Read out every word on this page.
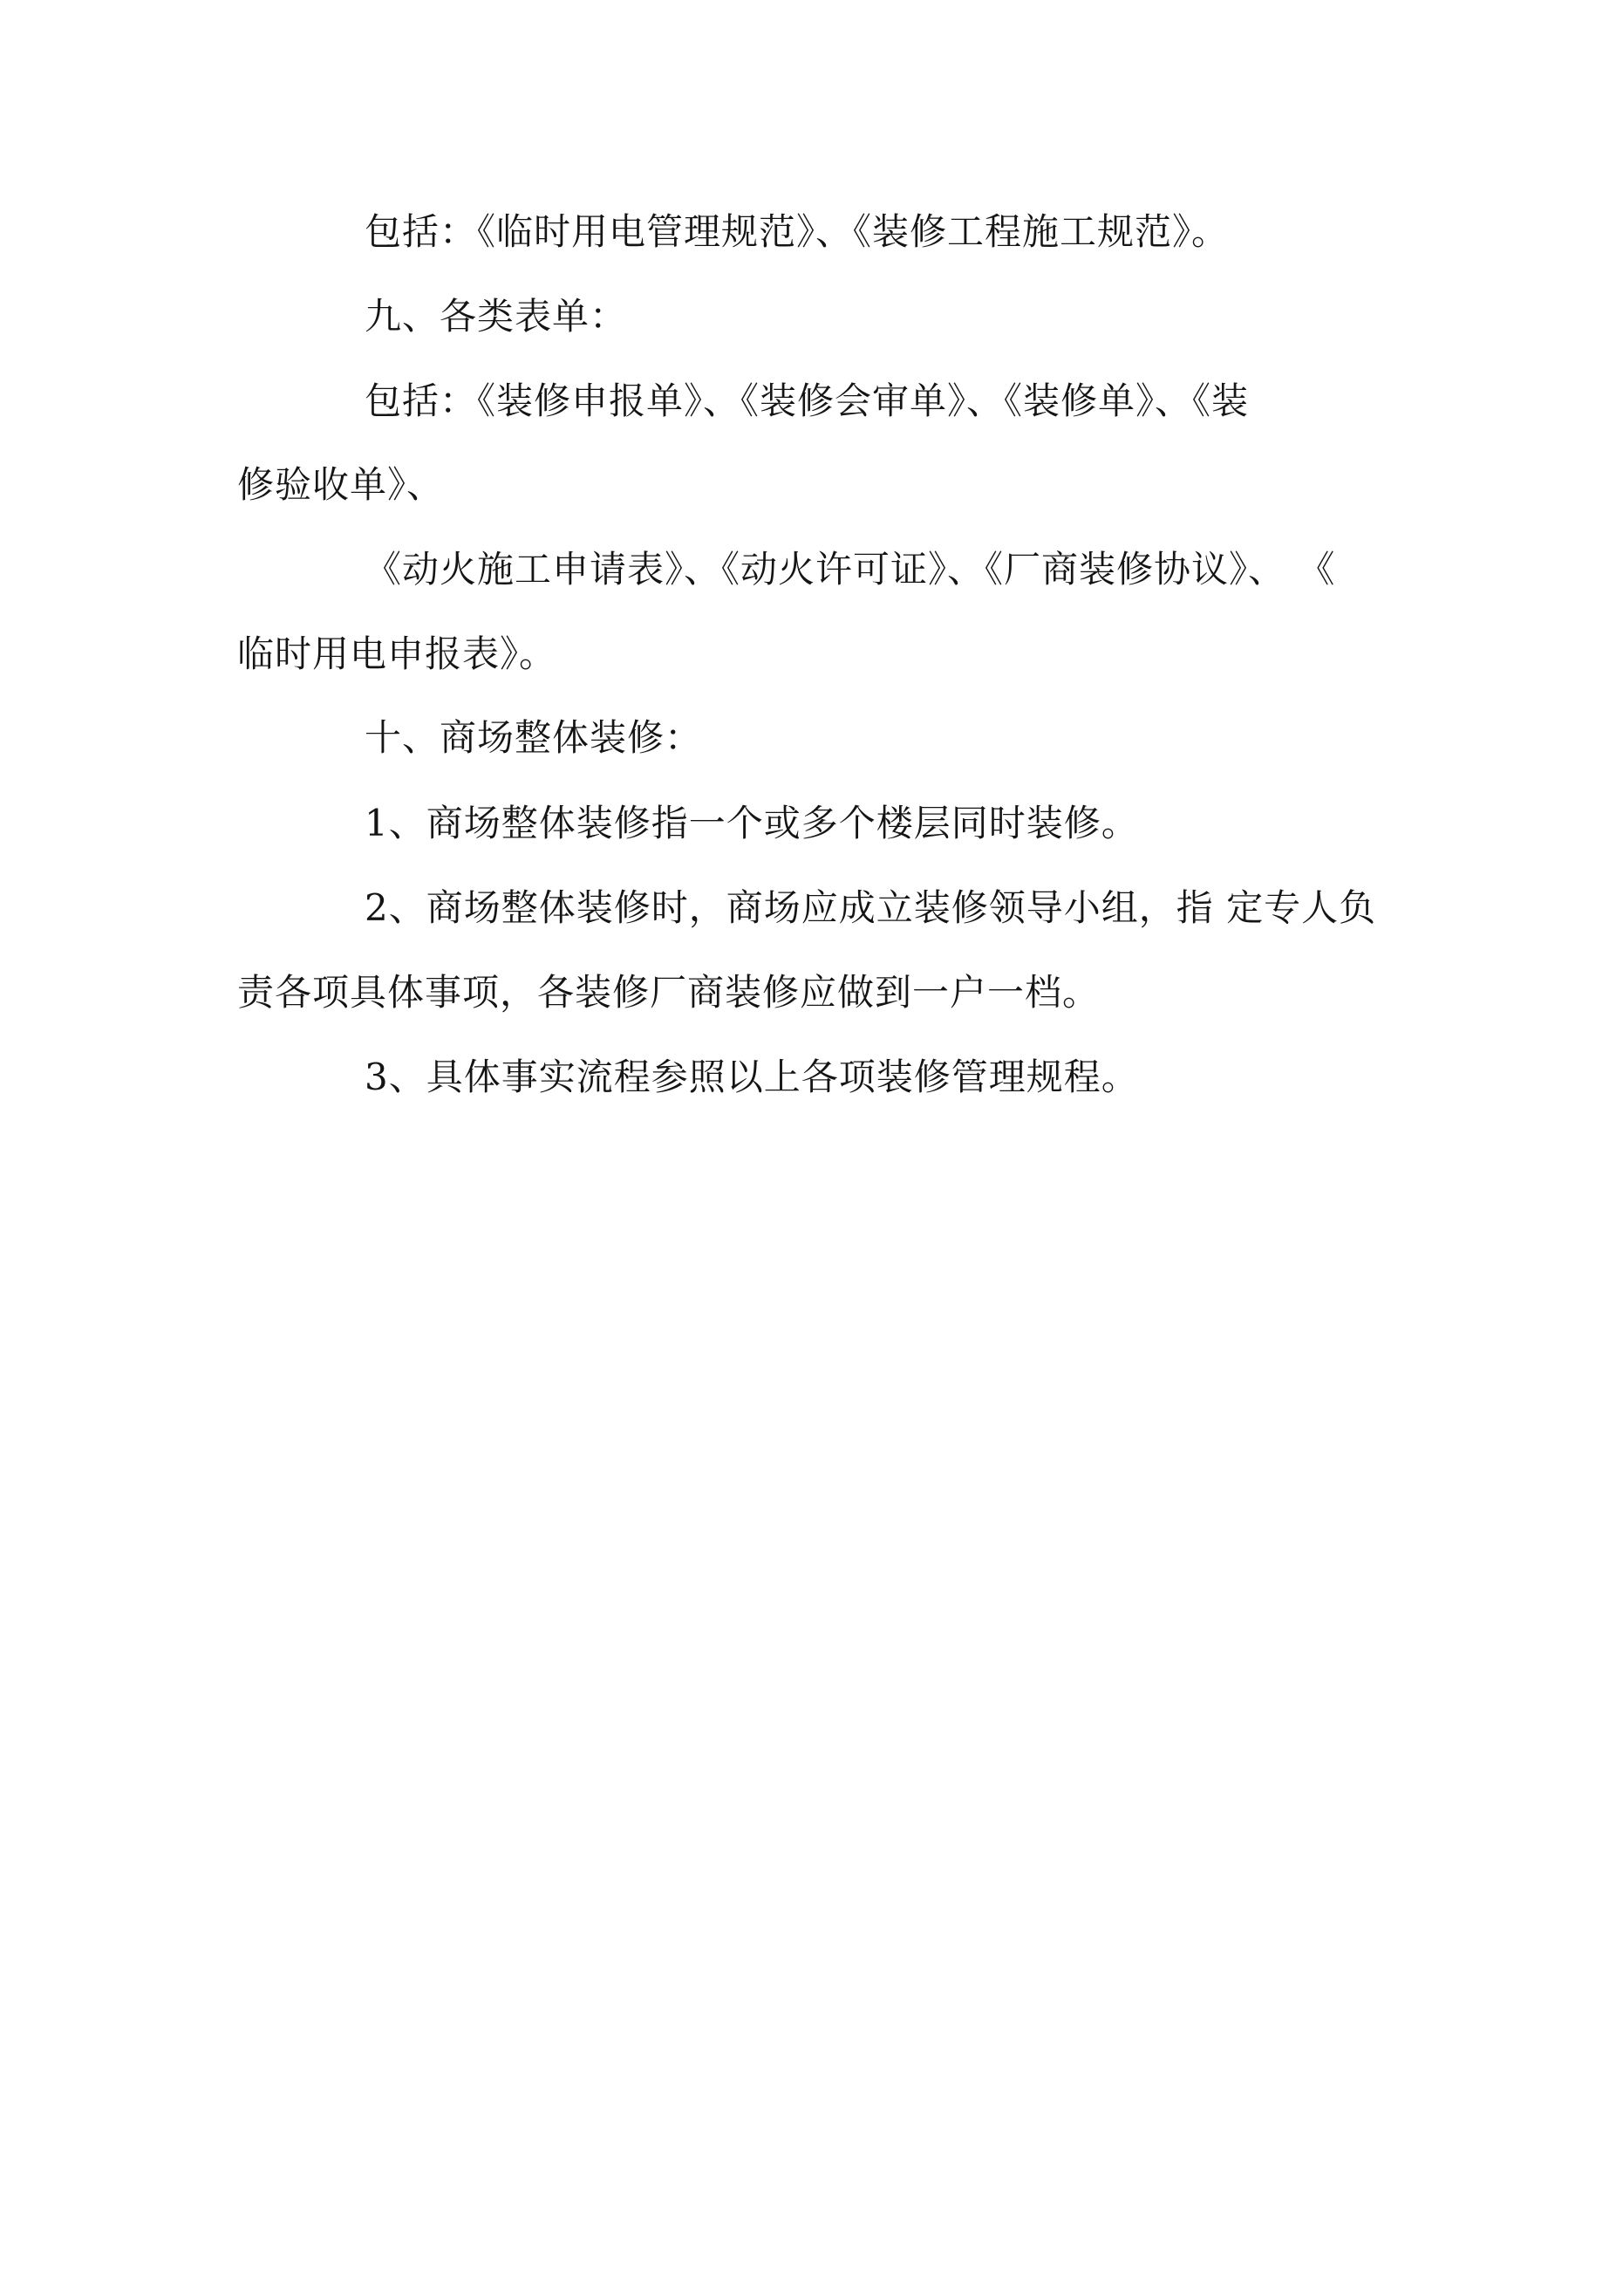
包括：《临时用电管理规范》、《装修工程施工规范》。
九、各类表单：
包括：《装修申报单》、《装修会审单》、《装修单》、《装
修验收单》、
《动火施工申请表》、《动火许可证》、《厂商装修协议》、 《
临时用电申报表》。
十、商场整体装修：
1、商场整体装修指一个或多个楼层同时装修。
2、商场整体装修时，商场应成立装修领导小组，指 定专人负
责各项具体事项，各装修厂商装修应做到一户一档。
3、具体事实流程参照以上各项装修管理规程。
